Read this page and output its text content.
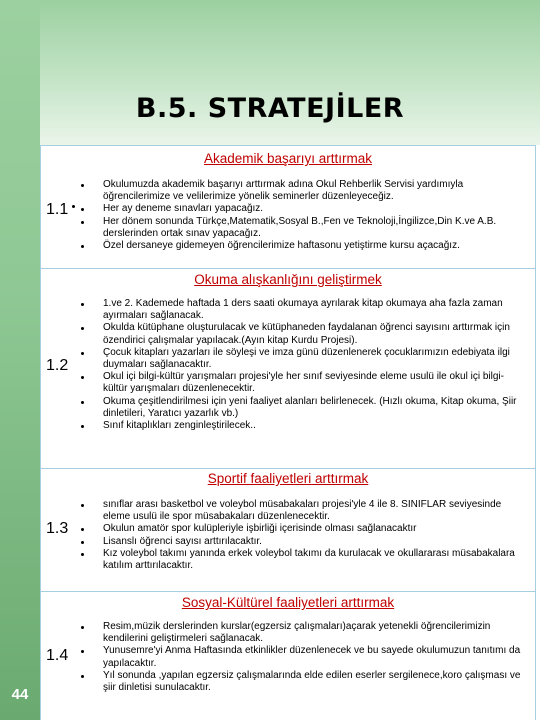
B.5. STRATEJİLER
44
Akademik başarıyı arttırmak
1.1

Okulumuzda akademik başarıyı arttırmak adına Okul Rehberlik Servisi yardımıyla öğrencilerimize ve velilerimize yönelik seminerler düzenleyeceğiz.

Her ay deneme sınavları yapacağız.

Her dönem sonunda Türkçe,Matematik,Sosyal B.,Fen ve Teknoloji,İngilizce,Din K.ve A.B. derslerinden ortak sınav yapacağız.

Özel dersaneye gidemeyen öğrencilerimize haftasonu yetiştirme kursu açacağız.

Okuma alışkanlığını geliştirmek
1.2

1.ve 2. Kademede haftada 1 ders saati okumaya ayrılarak kitap okumaya aha fazla zaman ayırmaları sağlanacak.

Okulda kütüphane oluşturulacak ve kütüphaneden faydalanan öğrenci sayısını arttırmak için özendirici çalışmalar yapılacak.(Ayın kitap Kurdu Projesi).

Çocuk kitapları yazarları ile söyleşi ve imza günü düzenlenerek çocuklarımızın edebiyata ilgi duymaları sağlanacaktır.

Okul içi bilgi-kültür yarışmaları projesi'yle her sınıf seviyesinde eleme usulü ile okul içi bilgi-kültür yarışmaları düzenlenecektir.

Okuma çeşitlendirilmesi için yeni faaliyet alanları belirlenecek. (Hızlı okuma, Kitap okuma, Şiir dinletileri, Yaratıcı yazarlık vb.)

Sınıf kitaplıkları zenginleştirilecek..

Sportif faaliyetleri arttırmak
1.3

sınıflar arası basketbol ve voleybol müsabakaları projesi'yle 4 ile 8. SINIFLAR seviyesinde eleme usulü ile spor müsabakaları düzenlenecektir.

Okulun amatör spor kulüpleriyle işbirliği içerisinde olması sağlanacaktır

Lisanslı öğrenci sayısı arttırılacaktır.

Kız voleybol takımı yanında erkek voleybol takımı da kurulacak ve okullararası müsabakalara katılım arttırılacaktır.

Sosyal-Kültürel faaliyetleri arttırmak
1.4

Resim,müzik derslerinden kurslar(egzersiz çalışmaları)açarak yetenekli öğrencilerimizin kendilerini geliştirmeleri sağlanacak.

Yunusemre'yi Anma Haftasında etkinlikler düzenlenecek ve bu sayede okulumuzun tanıtımı da yapılacaktır.

Yıl sonunda ,yapılan egzersiz çalışmalarında elde edilen eserler sergilenece,koro çalışması ve şiir dinletisi sunulacaktır.
